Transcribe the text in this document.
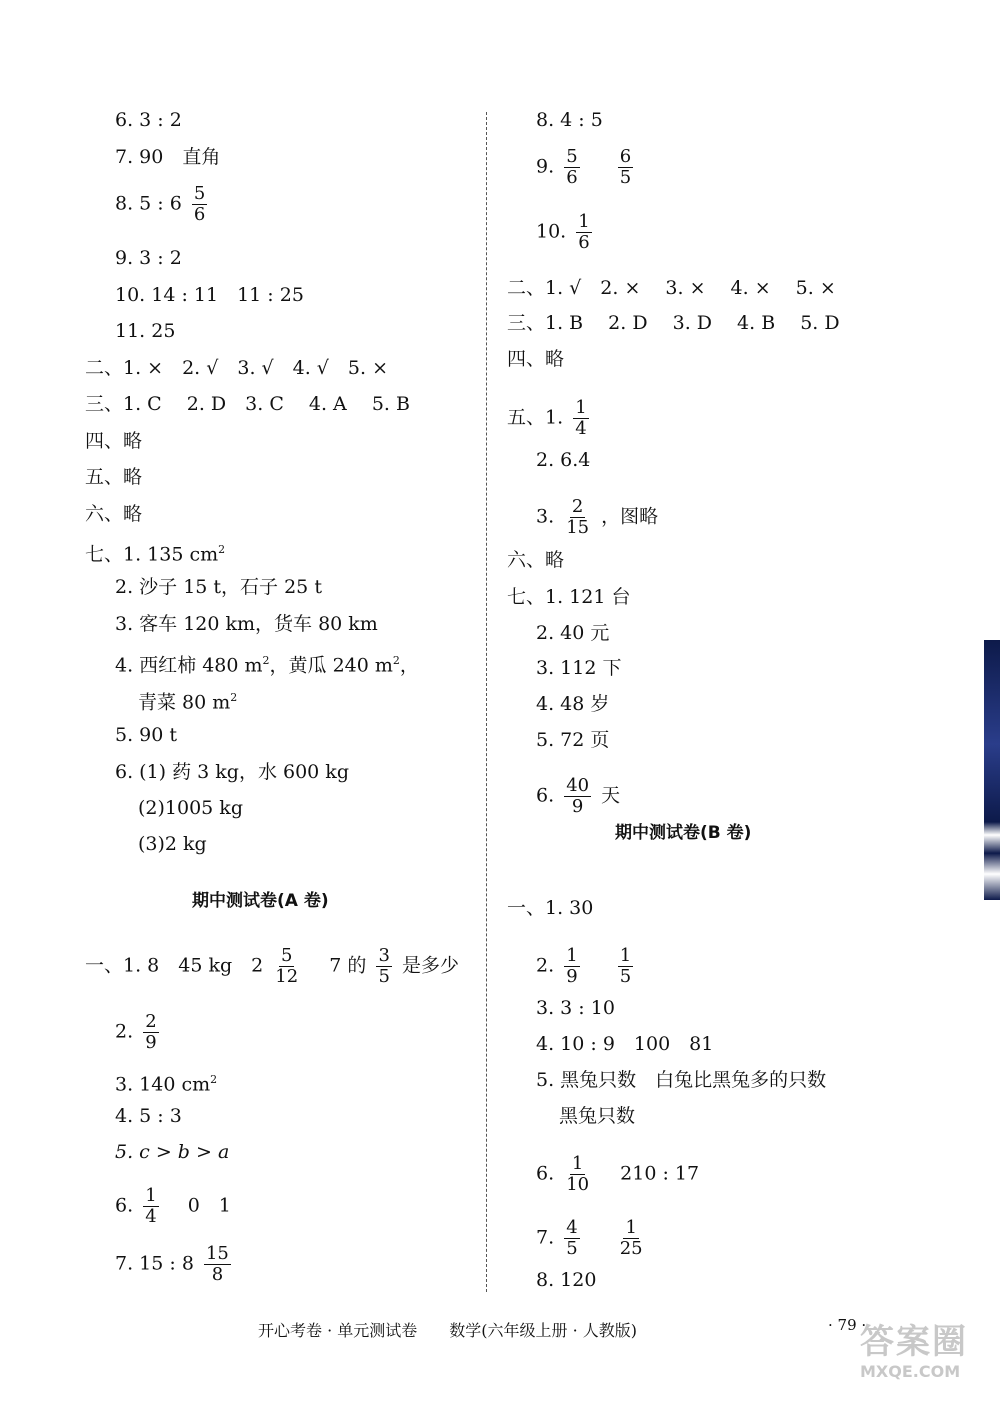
6. 3 : 2
7. 90　直角
8. 5 : $6 \frac{5}{6}$
9. 3 : 2
10. 14 : 11　11 : 25
11. 25
二、1. ×　2. √　3. √　4. √　5. ×
三、1. C　 2. D　3. C　 4. A　 5. B
四、略
五、略
六、略
七、1. 135 $cm^2$
2. 沙子 15 t，石子 25 t
3. 客车 120 km，货车 80 km
4. 西红柿 480 $m^2$，黄瓜 240 $m^2$，
青菜 80 $m^2$
5. 90 t
6. (1) 药 3 kg，水 600 kg
(2)1005 kg
(3)2 kg
期中测试卷(A 卷)
一、1. 8　45 kg　$2 \frac{5}{12}$ 　7 的 $\frac{3}{5}$ 是多少
2. $\frac{2}{9}$
3. 140 $cm^2$
4. 5 : 3
5. c > b > a
6. $\frac{1}{4}$ 　0　1
7. 15 : $8 \frac{15}{8}$
8. 4 : 5
9. $\frac{5}{6}$
$\frac{6}{5}$
10. $\frac{1}{6}$
二、1. √　2. ×　 3. ×　 4. ×　 5. ×
三、1. B　 2. D　 3. D　 4. B　 5. D
四、略
五、1. $\frac{1}{4}$
2. 6.4
3. $\frac{2}{15}$ ，图略
六、略
七、1. 121 台
2. 40 元
3. 112 下
4. 48 岁
5. 72 页
6. $\frac{40}{9}$ 天
期中测试卷(B 卷)
一、1. 30
2. $\frac{1}{9}$
$\frac{1}{5}$
3. 3 : 10
4. 10 : 9　100　81
5. 黑兔只数　白兔比黑兔多的只数
黑兔只数
6. $\frac{1}{10}$ 　210 : 17
7. $\frac{4}{5}$
$\frac{1}{25}$
8. 120
开心考卷 · 单元测试卷　　数学(六年级上册 · 人教版)	· 79 ·
答案圈
MXQE.COM
